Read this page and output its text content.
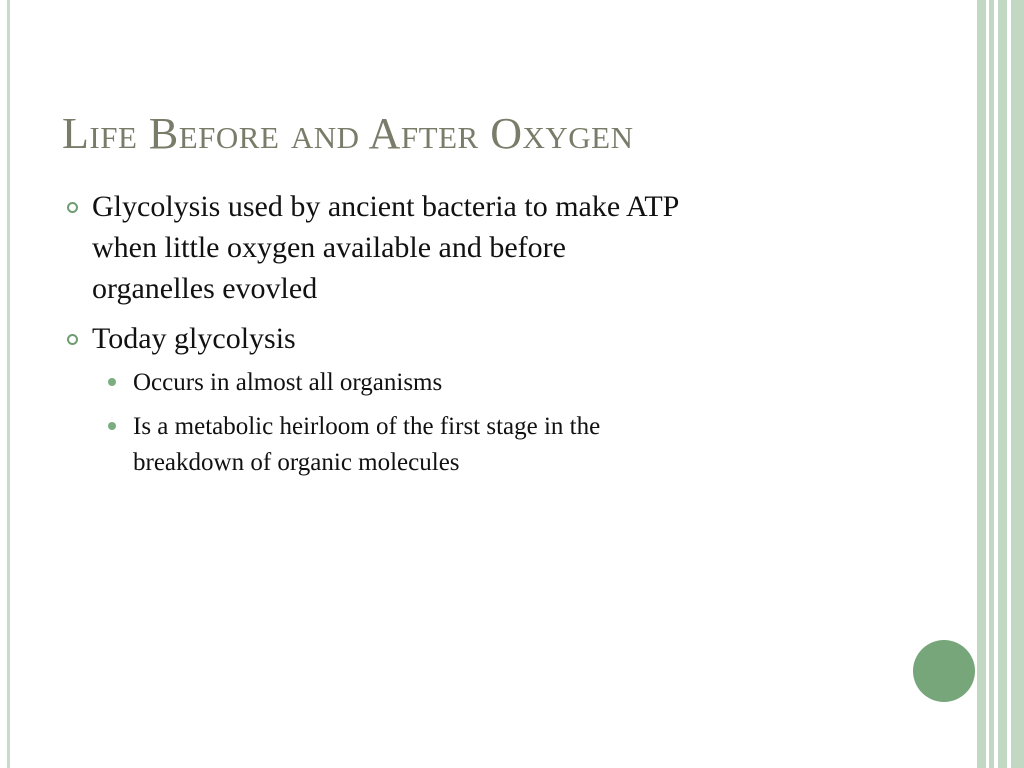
Life Before and After Oxygen
Glycolysis used by ancient bacteria to make ATP
when little oxygen available and before
organelles evovled
Today glycolysis
Occurs in almost all organisms
Is a metabolic heirloom of the first stage in the
breakdown of organic molecules
